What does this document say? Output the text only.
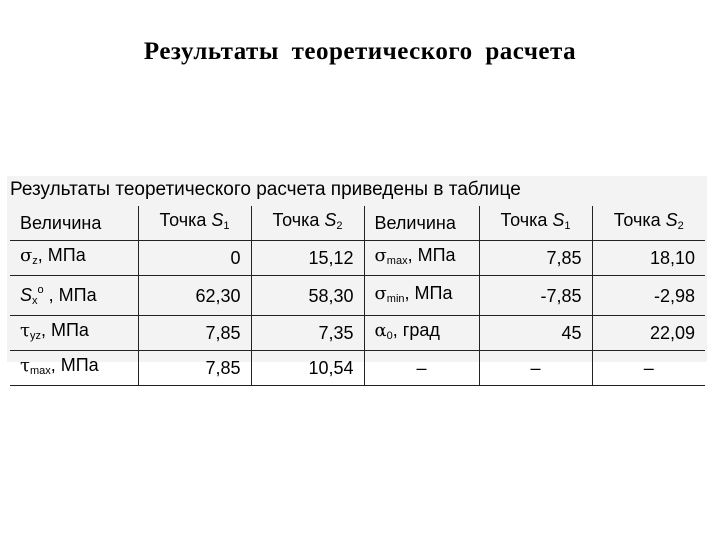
Результаты теоретического расчета
Результаты теоретического расчета приведены в таблице
Величина	Точка $S_1$	Точка $S_2$	Величина	Точка $S_1$	Точка $S_2$
$\sigma_z$, МПа	0	15,12	$\sigma_{max}$, МПа	7,85	18,10
$S_x^o$ , МПа	62,30	58,30	$\sigma_{min}$, МПа	-7,85	-2,98
$\tau_{yz}$, МПа	7,85	7,35	$\alpha_0$, град	45	22,09
$\tau_{max}$, МПа	7,85	10,54	–	–	–
